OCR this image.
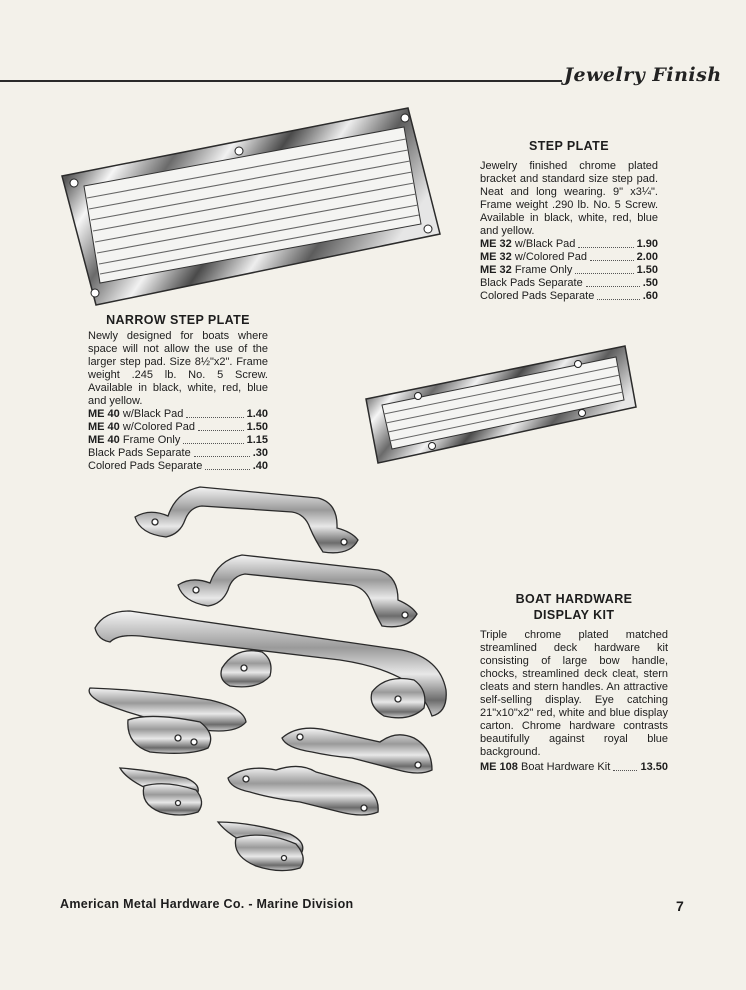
Jewelry Finish
STEP PLATE
Jewelry finished chrome plated bracket and standard size step pad. Neat and long wearing. 9" x3¼". Frame weight .290 lb. No. 5 Screw. Available in black, white, red, blue and yellow.
ME 32 w/Black Pad	1.90
ME 32 w/Colored Pad	2.00
ME 32 Frame Only	1.50
Black Pads Separate	.50
Colored Pads Separate	.60
NARROW STEP PLATE
Newly designed for boats where space will not allow the use of the larger step pad. Size 8½"x2". Frame weight .245 lb. No. 5 Screw. Available in black, white, red, blue and yellow.
ME 40 w/Black Pad	1.40
ME 40 w/Colored Pad	1.50
ME 40 Frame Only	1.15
Black Pads Separate	.30
Colored Pads Separate	.40
BOAT HARDWARE
DISPLAY KIT
Triple chrome plated matched streamlined deck hardware kit consisting of large bow handle, chocks, streamlined deck cleat, stern cleats and stern handles. An attractive self-selling display. Eye catching 21"x10"x2" red, white and blue display carton. Chrome hardware contrasts beautifully against royal blue background.
ME 108 Boat Hardware Kit	13.50
American Metal Hardware Co. - Marine Division	7
